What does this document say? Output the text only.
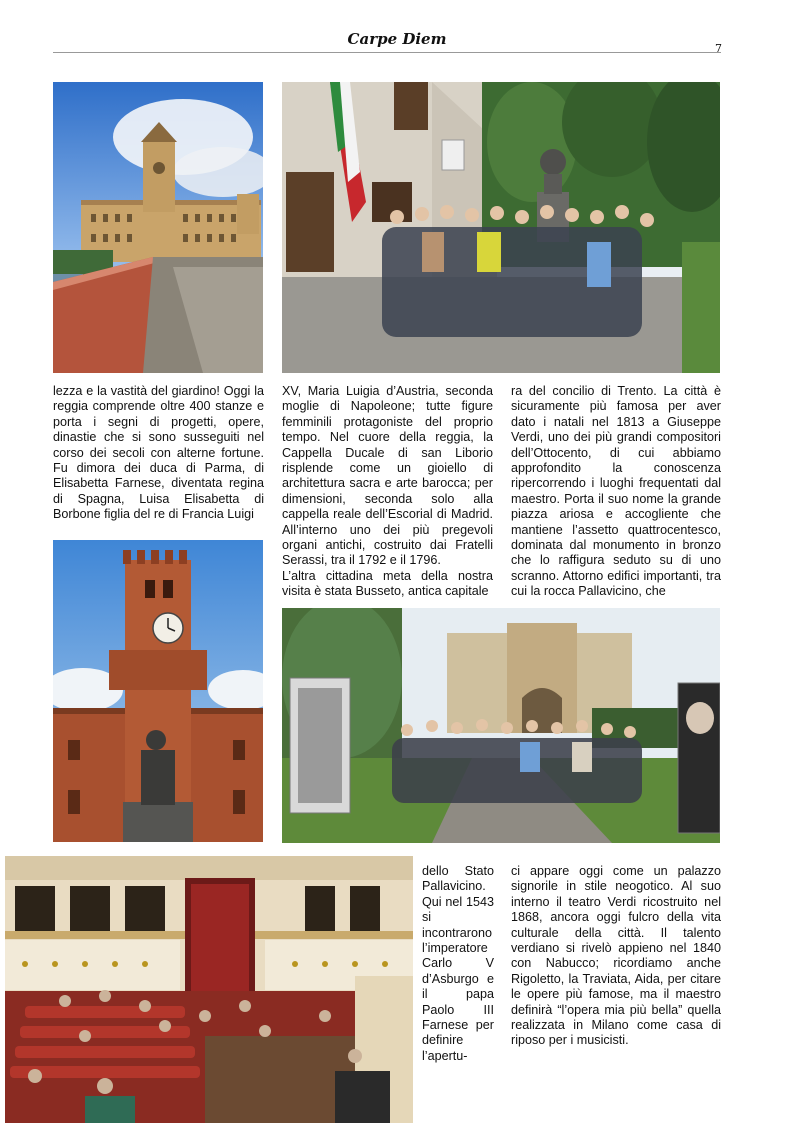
Carpe Diem
7

lezza e la vastità del giardino! Oggi la reggia comprende oltre 400 stanze e porta i segni di progetti, opere, dinastie che si sono susseguiti nel corso dei secoli con alterne fortune. Fu dimora dei duca di Parma, di Elisabetta Farnese, diventata regina di Spagna, Luisa Elisabetta di Borbone figlia del re di Francia Luigi

XV, Maria Luigia d’Austria, seconda moglie di Napoleone; tutte figure femminili protagoniste del proprio tempo. Nel cuore della reggia, la Cappella Ducale di san Liborio risplende come un gioiello di architettura sacra e arte barocca; per dimensioni, seconda solo alla cappella reale dell’Escorial di Madrid. All’interno uno dei più pregevoli organi antichi, costruito dai Fratelli Serassi, tra il 1792 e il 1796.

L’altra cittadina meta della nostra visita è stata Busseto, antica capitale

ra del concilio di Trento. La città è sicuramente più famosa per aver dato i natali nel 1813 a Giuseppe Verdi, uno dei più grandi compositori dell’Ottocento, di cui abbiamo approfondito la conoscenza ripercorrendo i luoghi frequentati dal maestro. Porta il suo nome la grande piazza ariosa e accogliente che mantiene l’assetto quattrocentesco, dominata dal monumento in bronzo che lo raffigura seduto su di uno scranno. Attorno edifici importanti, tra cui la rocca Pallavicino, che

dello Stato Pallavicino. Qui nel 1543 si incontrarono l’imperatore Carlo V d’Asburgo e il papa Paolo III Farnese per definire l’apertu-

ci appare oggi come un palazzo signorile in stile neogotico. Al suo interno il teatro Verdi ricostruito nel 1868, ancora oggi fulcro della vita culturale della città. Il talento verdiano si rivelò appieno nel 1840 con Nabucco; ricordiamo anche Rigoletto, la Traviata, Aida, per citare le opere più famose, ma il maestro definirà “l’opera mia più bella” quella realizzata in Milano come casa di riposo per i musicisti.
